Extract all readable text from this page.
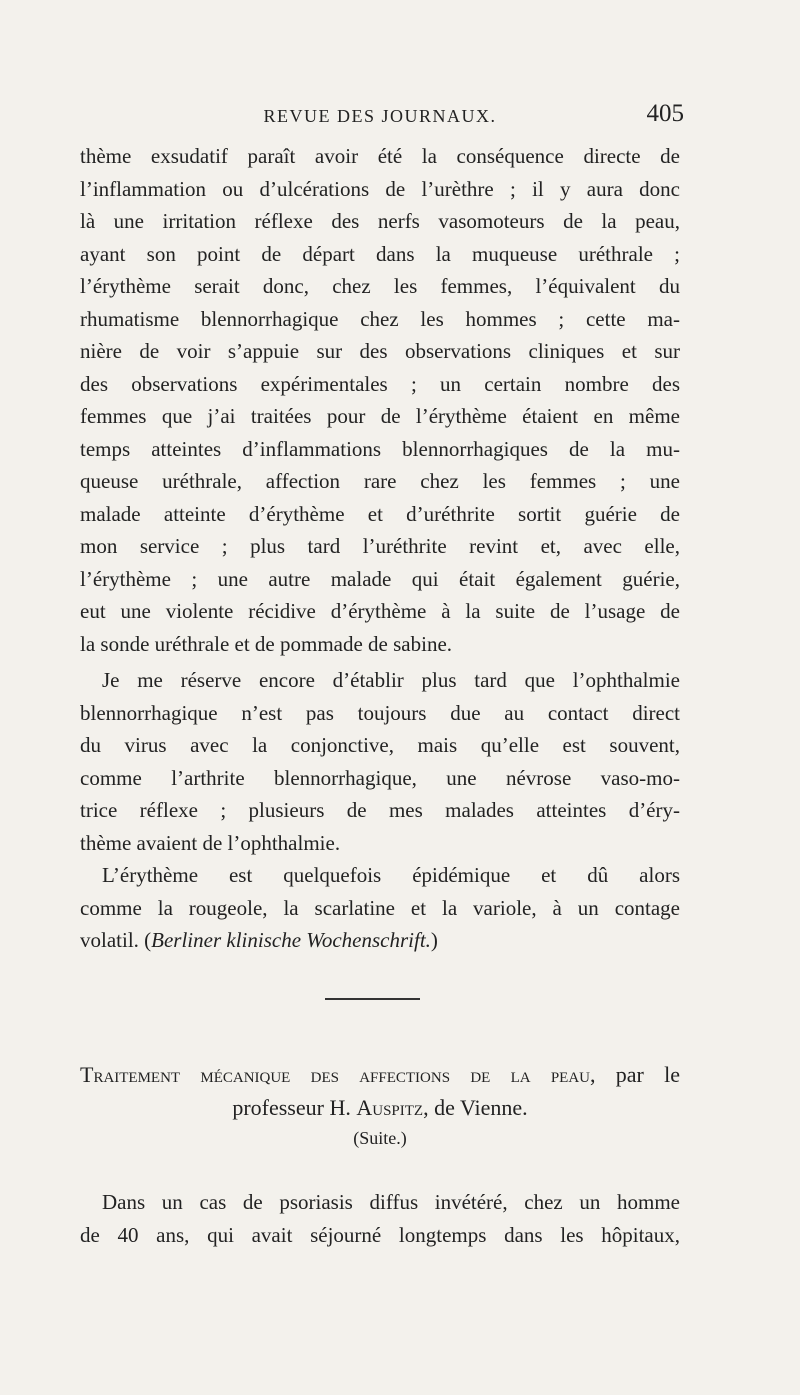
REVUE DES JOURNAUX.	405
thème exsudatif paraît avoir été la conséquence directe de
l’inflammation ou d’ulcérations de l’urèthre ; il y aura donc
là une irritation réflexe des nerfs vasomoteurs de la peau,
ayant son point de départ dans la muqueuse uréthrale ;
l’érythème serait donc, chez les femmes, l’équivalent du
rhumatisme blennorrhagique chez les hommes ; cette ma-
nière de voir s’appuie sur des observations cliniques et sur
des observations expérimentales ; un certain nombre des
femmes que j’ai traitées pour de l’érythème étaient en même
temps atteintes d’inflammations blennorrhagiques de la mu-
queuse uréthrale, affection rare chez les femmes ; une
malade atteinte d’érythème et d’uréthrite sortit guérie de
mon service ; plus tard l’uréthrite revint et, avec elle,
l’érythème ; une autre malade qui était également guérie,
eut une violente récidive d’érythème à la suite de l’usage de
la sonde uréthrale et de pommade de sabine.
Je me réserve encore d’établir plus tard que l’ophthalmie
blennorrhagique n’est pas toujours due au contact direct
du virus avec la conjonctive, mais qu’elle est souvent,
comme l’arthrite blennorrhagique, une névrose vaso-mo-
trice réflexe ; plusieurs de mes malades atteintes d’éry-
thème avaient de l’ophthalmie.
L’érythème est quelquefois épidémique et dû alors
comme la rougeole, la scarlatine et la variole, à un contage
volatil. (Berliner klinische Wochenschrift.)
Traitement mécanique des affections de la peau, par le
professeur H. Auspitz, de Vienne.
(Suite.)
Dans un cas de psoriasis diffus invétéré, chez un homme
de 40 ans, qui avait séjourné longtemps dans les hôpitaux,
